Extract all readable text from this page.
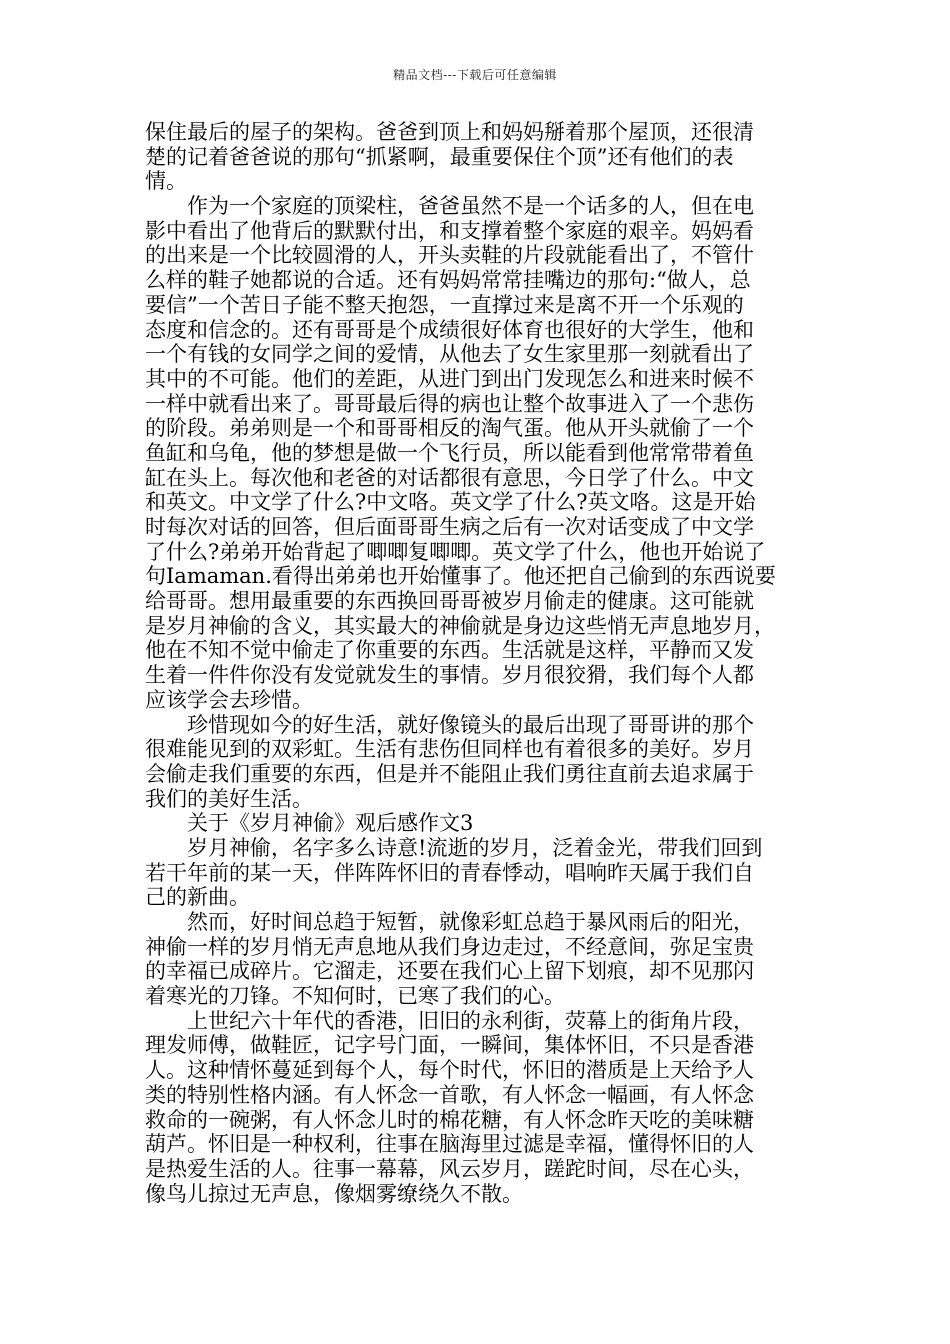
精品文档---下载后可任意编辑
保住最后的屋子的架构。爸爸到顶上和妈妈掰着那个屋顶，还很清
楚的记着爸爸说的那句“抓紧啊，最重要保住个顶”还有他们的表
情。
作为一个家庭的顶梁柱，爸爸虽然不是一个话多的人，但在电
影中看出了他背后的默默付出，和支撑着整个家庭的艰辛。妈妈看
的出来是一个比较圆滑的人，开头卖鞋的片段就能看出了，不管什
么样的鞋子她都说的合适。还有妈妈常常挂嘴边的那句:“做人，总
要信”一个苦日子能不整天抱怨，一直撑过来是离不开一个乐观的
态度和信念的。还有哥哥是个成绩很好体育也很好的大学生，他和
一个有钱的女同学之间的爱情，从他去了女生家里那一刻就看出了
其中的不可能。他们的差距，从进门到出门发现怎么和进来时候不
一样中就看出来了。哥哥最后得的病也让整个故事进入了一个悲伤
的阶段。弟弟则是一个和哥哥相反的淘气蛋。他从开头就偷了一个
鱼缸和乌龟，他的梦想是做一个飞行员，所以能看到他常常带着鱼
缸在头上。每次他和老爸的对话都很有意思，今日学了什么。中文
和英文。中文学了什么?中文咯。英文学了什么?英文咯。这是开始
时每次对话的回答，但后面哥哥生病之后有一次对话变成了中文学
了什么?弟弟开始背起了唧唧复唧唧。英文学了什么，他也开始说了
句Iamaman.看得出弟弟也开始懂事了。他还把自己偷到的东西说要
给哥哥。想用最重要的东西换回哥哥被岁月偷走的健康。这可能就
是岁月神偷的含义，其实最大的神偷就是身边这些悄无声息地岁月，
他在不知不觉中偷走了你重要的东西。生活就是这样，平静而又发
生着一件件你没有发觉就发生的事情。岁月很狡猾，我们每个人都
应该学会去珍惜。
珍惜现如今的好生活，就好像镜头的最后出现了哥哥讲的那个
很难能见到的双彩虹。生活有悲伤但同样也有着很多的美好。岁月
会偷走我们重要的东西，但是并不能阻止我们勇往直前去追求属于
我们的美好生活。
关于《岁月神偷》观后感作文3
岁月神偷，名字多么诗意!流逝的岁月，泛着金光，带我们回到
若干年前的某一天，伴阵阵怀旧的青春悸动，唱响昨天属于我们自
己的新曲。
然而，好时间总趋于短暂，就像彩虹总趋于暴风雨后的阳光，
神偷一样的岁月悄无声息地从我们身边走过，不经意间，弥足宝贵
的幸福已成碎片。它溜走，还要在我们心上留下划痕，却不见那闪
着寒光的刀锋。不知何时，已寒了我们的心。
上世纪六十年代的香港，旧旧的永利街，荧幕上的街角片段，
理发师傅，做鞋匠，记字号门面，一瞬间，集体怀旧，不只是香港
人。这种情怀蔓延到每个人，每个时代，怀旧的潜质是上天给予人
类的特别性格内涵。有人怀念一首歌，有人怀念一幅画，有人怀念
救命的一碗粥，有人怀念儿时的棉花糖，有人怀念昨天吃的美味糖
葫芦。怀旧是一种权利，往事在脑海里过滤是幸福，懂得怀旧的人
是热爱生活的人。往事一幕幕，风云岁月，蹉跎时间，尽在心头，
像鸟儿掠过无声息，像烟雾缭绕久不散。
